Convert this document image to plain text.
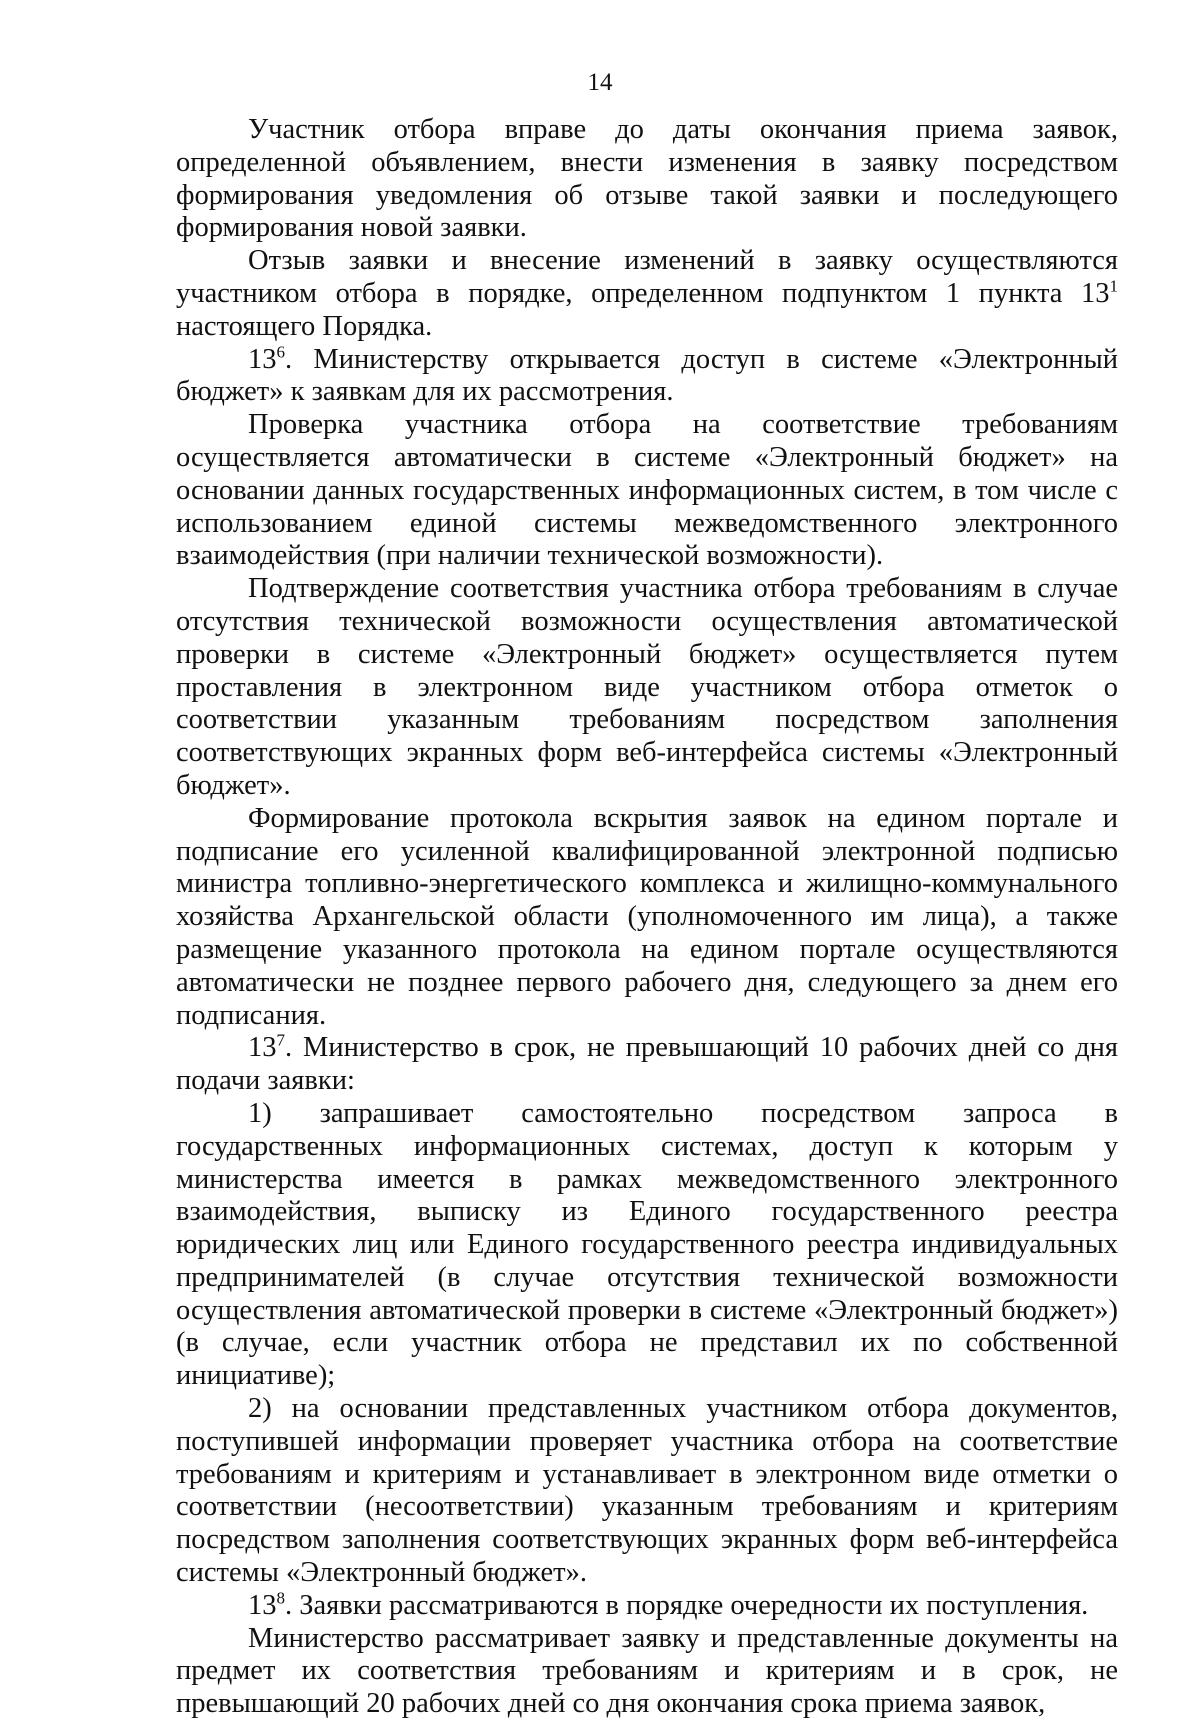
14

Участник отбора вправе до даты окончания приема заявок, определенной объявлением, внести изменения в заявку посредством формирования уведомления об отзыве такой заявки и последующего формирования новой заявки.

Отзыв заявки и внесение изменений в заявку осуществляются участником отбора в порядке, определенном подпунктом 1 пункта $13^1$ настоящего Порядка.

$13^6$. Министерству открывается доступ в системе «Электронный бюджет» к заявкам для их рассмотрения.

Проверка участника отбора на соответствие требованиям осуществляется автоматически в системе «Электронный бюджет» на основании данных государственных информационных систем, в том числе с использованием единой системы межведомственного электронного взаимодействия (при наличии технической возможности).

Подтверждение соответствия участника отбора требованиям в случае отсутствия технической возможности осуществления автоматической проверки в системе «Электронный бюджет» осуществляется путем проставления в электронном виде участником отбора отметок о соответствии указанным требованиям посредством заполнения соответствующих экранных форм веб-интерфейса системы «Электронный бюджет».

Формирование протокола вскрытия заявок на едином портале и подписание его усиленной квалифицированной электронной подписью министра топливно-энергетического комплекса и жилищно-коммунального хозяйства Архангельской области (уполномоченного им лица), а также размещение указанного протокола на едином портале осуществляются автоматически не позднее первого рабочего дня, следующего за днем его подписания.

$13^7$. Министерство в срок, не превышающий 10 рабочих дней со дня подачи заявки:

1) запрашивает самостоятельно посредством запроса в государственных информационных системах, доступ к которым у министерства имеется в рамках межведомственного электронного взаимодействия, выписку из Единого государственного реестра юридических лиц или Единого государственного реестра индивидуальных предпринимателей (в случае отсутствия технической возможности осуществления автоматической проверки в системе «Электронный бюджет») (в случае, если участник отбора не представил их по собственной инициативе);

2) на основании представленных участником отбора документов, поступившей информации проверяет участника отбора на соответствие требованиям и критериям и устанавливает в электронном виде отметки о соответствии (несоответствии) указанным требованиям и критериям посредством заполнения соответствующих экранных форм веб-интерфейса системы «Электронный бюджет».

$13^8$. Заявки рассматриваются в порядке очередности их поступления.

Министерство рассматривает заявку и представленные документы на предмет их соответствия требованиям и критериям и в срок, не превышающий 20 рабочих дней со дня окончания срока приема заявок,
